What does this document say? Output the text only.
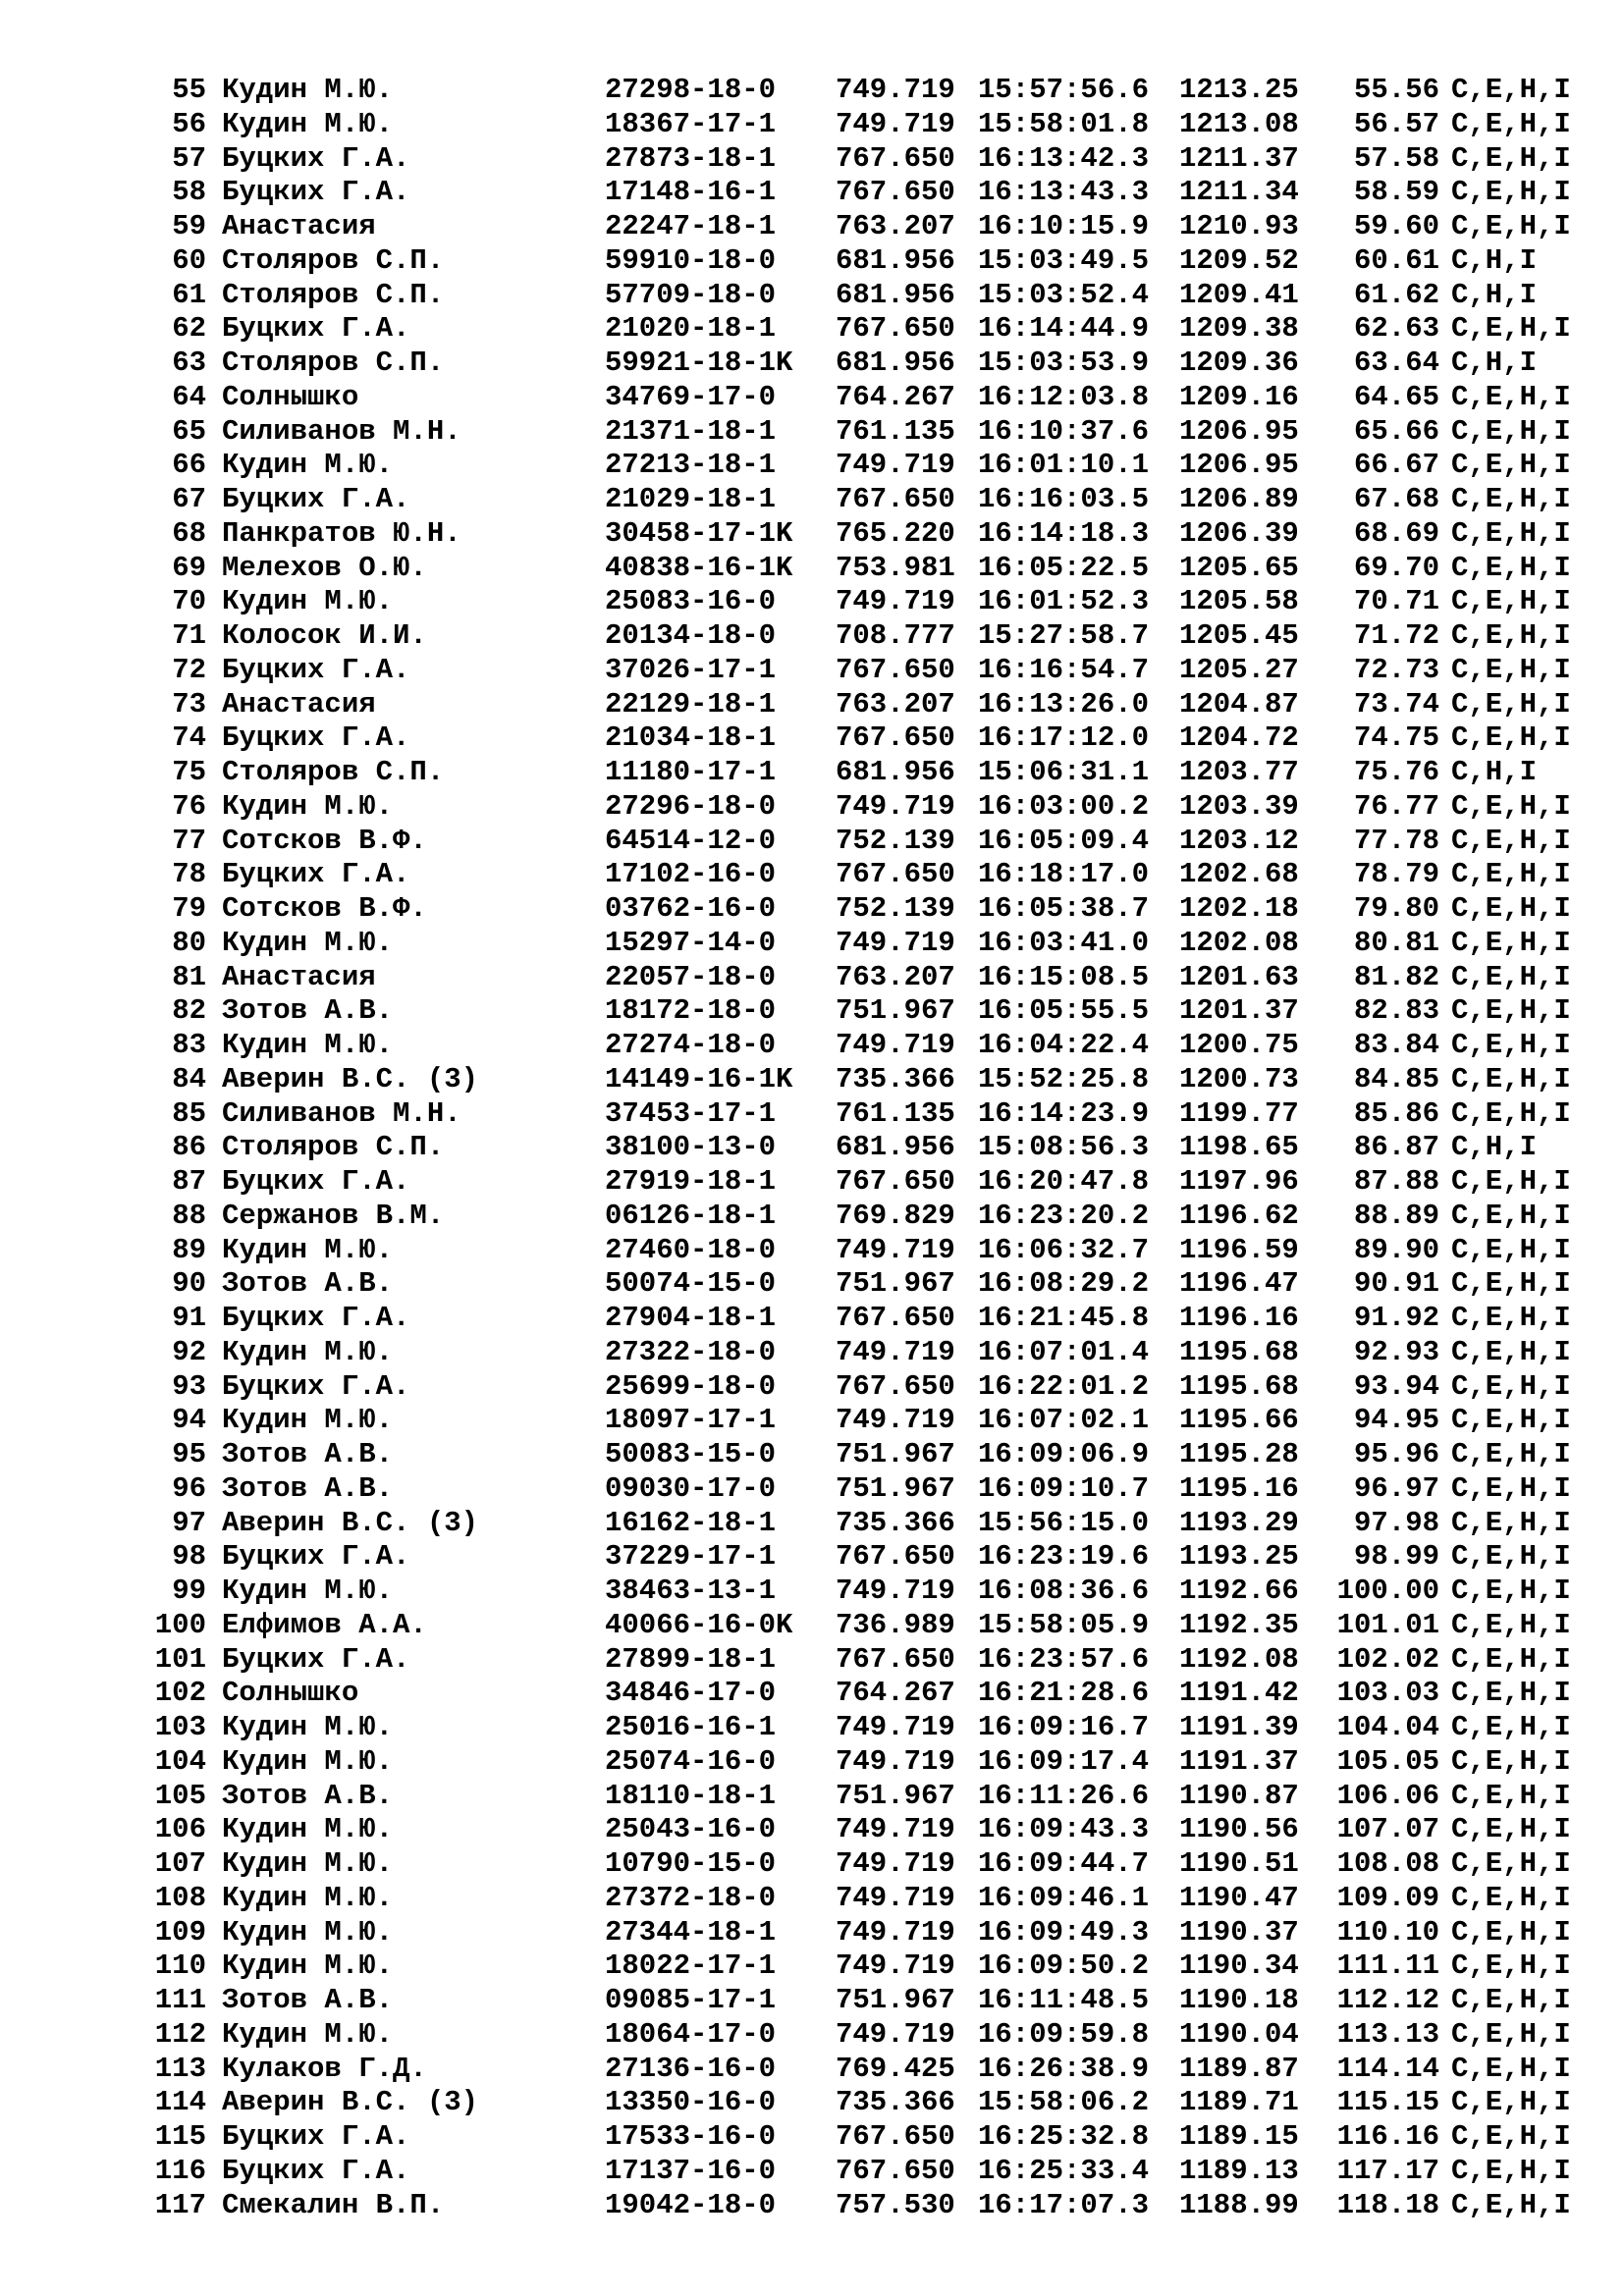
55 Кудин М.Ю.	27298-18-0	749.719 15:57:56.6	1213.25	55.56 C,E,H,I
56 Кудин М.Ю.	18367-17-1	749.719 15:58:01.8	1213.08	56.57 C,E,H,I
57 Буцких Г.А.	27873-18-1	767.650 16:13:42.3	1211.37	57.58 C,E,H,I
58 Буцких Г.А.	17148-16-1	767.650 16:13:43.3	1211.34	58.59 C,E,H,I
59 Анастасия	22247-18-1	763.207 16:10:15.9	1210.93	59.60 C,E,H,I
60 Столяров С.П.	59910-18-0	681.956 15:03:49.5	1209.52	60.61 C,H,I
61 Столяров С.П.	57709-18-0	681.956 15:03:52.4	1209.41	61.62 C,H,I
62 Буцких Г.А.	21020-18-1	767.650 16:14:44.9	1209.38	62.63 C,E,H,I
63 Столяров С.П.	59921-18-1K	681.956 15:03:53.9	1209.36	63.64 C,H,I
64 Солнышко	34769-17-0	764.267 16:12:03.8	1209.16	64.65 C,E,H,I
65 Силиванов М.Н.	21371-18-1	761.135 16:10:37.6	1206.95	65.66 C,E,H,I
66 Кудин М.Ю.	27213-18-1	749.719 16:01:10.1	1206.95	66.67 C,E,H,I
67 Буцких Г.А.	21029-18-1	767.650 16:16:03.5	1206.89	67.68 C,E,H,I
68 Панкратов Ю.Н.	30458-17-1K	765.220 16:14:18.3	1206.39	68.69 C,E,H,I
69 Мелехов О.Ю.	40838-16-1K	753.981 16:05:22.5	1205.65	69.70 C,E,H,I
70 Кудин М.Ю.	25083-16-0	749.719 16:01:52.3	1205.58	70.71 C,E,H,I
71 Колосок И.И.	20134-18-0	708.777 15:27:58.7	1205.45	71.72 C,E,H,I
72 Буцких Г.А.	37026-17-1	767.650 16:16:54.7	1205.27	72.73 C,E,H,I
73 Анастасия	22129-18-1	763.207 16:13:26.0	1204.87	73.74 C,E,H,I
74 Буцких Г.А.	21034-18-1	767.650 16:17:12.0	1204.72	74.75 C,E,H,I
75 Столяров С.П.	11180-17-1	681.956 15:06:31.1	1203.77	75.76 C,H,I
76 Кудин М.Ю.	27296-18-0	749.719 16:03:00.2	1203.39	76.77 C,E,H,I
77 Сотсков В.Ф.	64514-12-0	752.139 16:05:09.4	1203.12	77.78 C,E,H,I
78 Буцких Г.А.	17102-16-0	767.650 16:18:17.0	1202.68	78.79 C,E,H,I
79 Сотсков В.Ф.	03762-16-0	752.139 16:05:38.7	1202.18	79.80 C,E,H,I
80 Кудин М.Ю.	15297-14-0	749.719 16:03:41.0	1202.08	80.81 C,E,H,I
81 Анастасия	22057-18-0	763.207 16:15:08.5	1201.63	81.82 C,E,H,I
82 Зотов А.В.	18172-18-0	751.967 16:05:55.5	1201.37	82.83 C,E,H,I
83 Кудин М.Ю.	27274-18-0	749.719 16:04:22.4	1200.75	83.84 C,E,H,I
84 Аверин В.С. (3)	14149-16-1K	735.366 15:52:25.8	1200.73	84.85 C,E,H,I
85 Силиванов М.Н.	37453-17-1	761.135 16:14:23.9	1199.77	85.86 C,E,H,I
86 Столяров С.П.	38100-13-0	681.956 15:08:56.3	1198.65	86.87 C,H,I
87 Буцких Г.А.	27919-18-1	767.650 16:20:47.8	1197.96	87.88 C,E,H,I
88 Сержанов В.М.	06126-18-1	769.829 16:23:20.2	1196.62	88.89 C,E,H,I
89 Кудин М.Ю.	27460-18-0	749.719 16:06:32.7	1196.59	89.90 C,E,H,I
90 Зотов А.В.	50074-15-0	751.967 16:08:29.2	1196.47	90.91 C,E,H,I
91 Буцких Г.А.	27904-18-1	767.650 16:21:45.8	1196.16	91.92 C,E,H,I
92 Кудин М.Ю.	27322-18-0	749.719 16:07:01.4	1195.68	92.93 C,E,H,I
93 Буцких Г.А.	25699-18-0	767.650 16:22:01.2	1195.68	93.94 C,E,H,I
94 Кудин М.Ю.	18097-17-1	749.719 16:07:02.1	1195.66	94.95 C,E,H,I
95 Зотов А.В.	50083-15-0	751.967 16:09:06.9	1195.28	95.96 C,E,H,I
96 Зотов А.В.	09030-17-0	751.967 16:09:10.7	1195.16	96.97 C,E,H,I
97 Аверин В.С. (3)	16162-18-1	735.366 15:56:15.0	1193.29	97.98 C,E,H,I
98 Буцких Г.А.	37229-17-1	767.650 16:23:19.6	1193.25	98.99 C,E,H,I
99 Кудин М.Ю.	38463-13-1	749.719 16:08:36.6	1192.66	100.00 C,E,H,I
100 Елфимов А.А.	40066-16-0K	736.989 15:58:05.9	1192.35	101.01 C,E,H,I
101 Буцких Г.А.	27899-18-1	767.650 16:23:57.6	1192.08	102.02 C,E,H,I
102 Солнышко	34846-17-0	764.267 16:21:28.6	1191.42	103.03 C,E,H,I
103 Кудин М.Ю.	25016-16-1	749.719 16:09:16.7	1191.39	104.04 C,E,H,I
104 Кудин М.Ю.	25074-16-0	749.719 16:09:17.4	1191.37	105.05 C,E,H,I
105 Зотов А.В.	18110-18-1	751.967 16:11:26.6	1190.87	106.06 C,E,H,I
106 Кудин М.Ю.	25043-16-0	749.719 16:09:43.3	1190.56	107.07 C,E,H,I
107 Кудин М.Ю.	10790-15-0	749.719 16:09:44.7	1190.51	108.08 C,E,H,I
108 Кудин М.Ю.	27372-18-0	749.719 16:09:46.1	1190.47	109.09 C,E,H,I
109 Кудин М.Ю.	27344-18-1	749.719 16:09:49.3	1190.37	110.10 C,E,H,I
110 Кудин М.Ю.	18022-17-1	749.719 16:09:50.2	1190.34	111.11 C,E,H,I
111 Зотов А.В.	09085-17-1	751.967 16:11:48.5	1190.18	112.12 C,E,H,I
112 Кудин М.Ю.	18064-17-0	749.719 16:09:59.8	1190.04	113.13 C,E,H,I
113 Кулаков Г.Д.	27136-16-0	769.425 16:26:38.9	1189.87	114.14 C,E,H,I
114 Аверин В.С. (3)	13350-16-0	735.366 15:58:06.2	1189.71	115.15 C,E,H,I
115 Буцких Г.А.	17533-16-0	767.650 16:25:32.8	1189.15	116.16 C,E,H,I
116 Буцких Г.А.	17137-16-0	767.650 16:25:33.4	1189.13	117.17 C,E,H,I
117 Смекалин В.П.	19042-18-0	757.530 16:17:07.3	1188.99	118.18 C,E,H,I
